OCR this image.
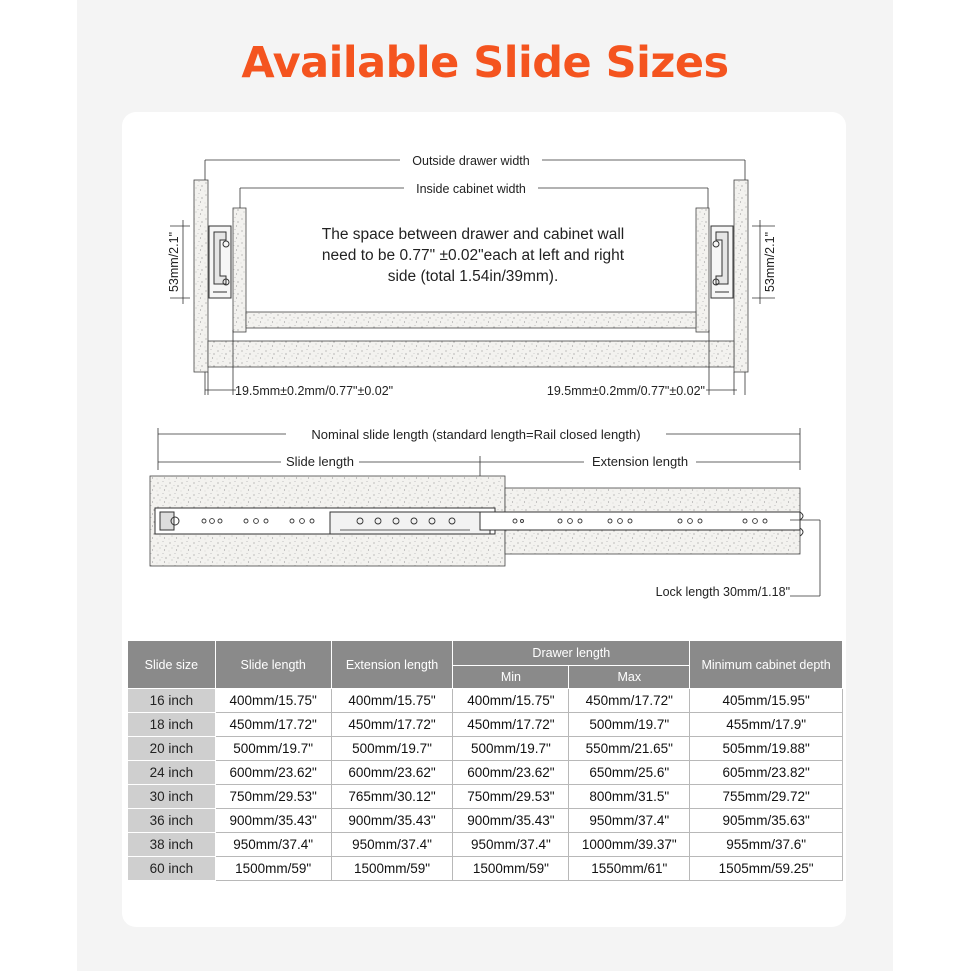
Available Slide Sizes
Outside drawer width
Inside cabinet width
53mm/2.1"	53mm/2.1"
The space between drawer and cabinet wall
need to be 0.77" ±0.02"each at left and right
side (total 1.54in/39mm).
19.5mm±0.2mm/0.77"±0.02"	19.5mm±0.2mm/0.77"±0.02"
Nominal slide length (standard length=Rail closed length)
Slide length	Extension length
Lock length 30mm/1.18"
Slide size	Slide length	Extension length	Drawer length		Minimum cabinet depth
			Min	Max	
16 inch	400mm/15.75"	400mm/15.75"	400mm/15.75"	450mm/17.72"	405mm/15.95"
18 inch	450mm/17.72"	450mm/17.72"	450mm/17.72"	500mm/19.7"	455mm/17.9"
20 inch	500mm/19.7"	500mm/19.7"	500mm/19.7"	550mm/21.65"	505mm/19.88"
24 inch	600mm/23.62"	600mm/23.62"	600mm/23.62"	650mm/25.6"	605mm/23.82"
30 inch	750mm/29.53"	765mm/30.12"	750mm/29.53"	800mm/31.5"	755mm/29.72"
36 inch	900mm/35.43"	900mm/35.43"	900mm/35.43"	950mm/37.4"	905mm/35.63"
38 inch	950mm/37.4"	950mm/37.4"	950mm/37.4"	1000mm/39.37"	955mm/37.6"
60 inch	1500mm/59"	1500mm/59"	1500mm/59"	1550mm/61"	1505mm/59.25"
